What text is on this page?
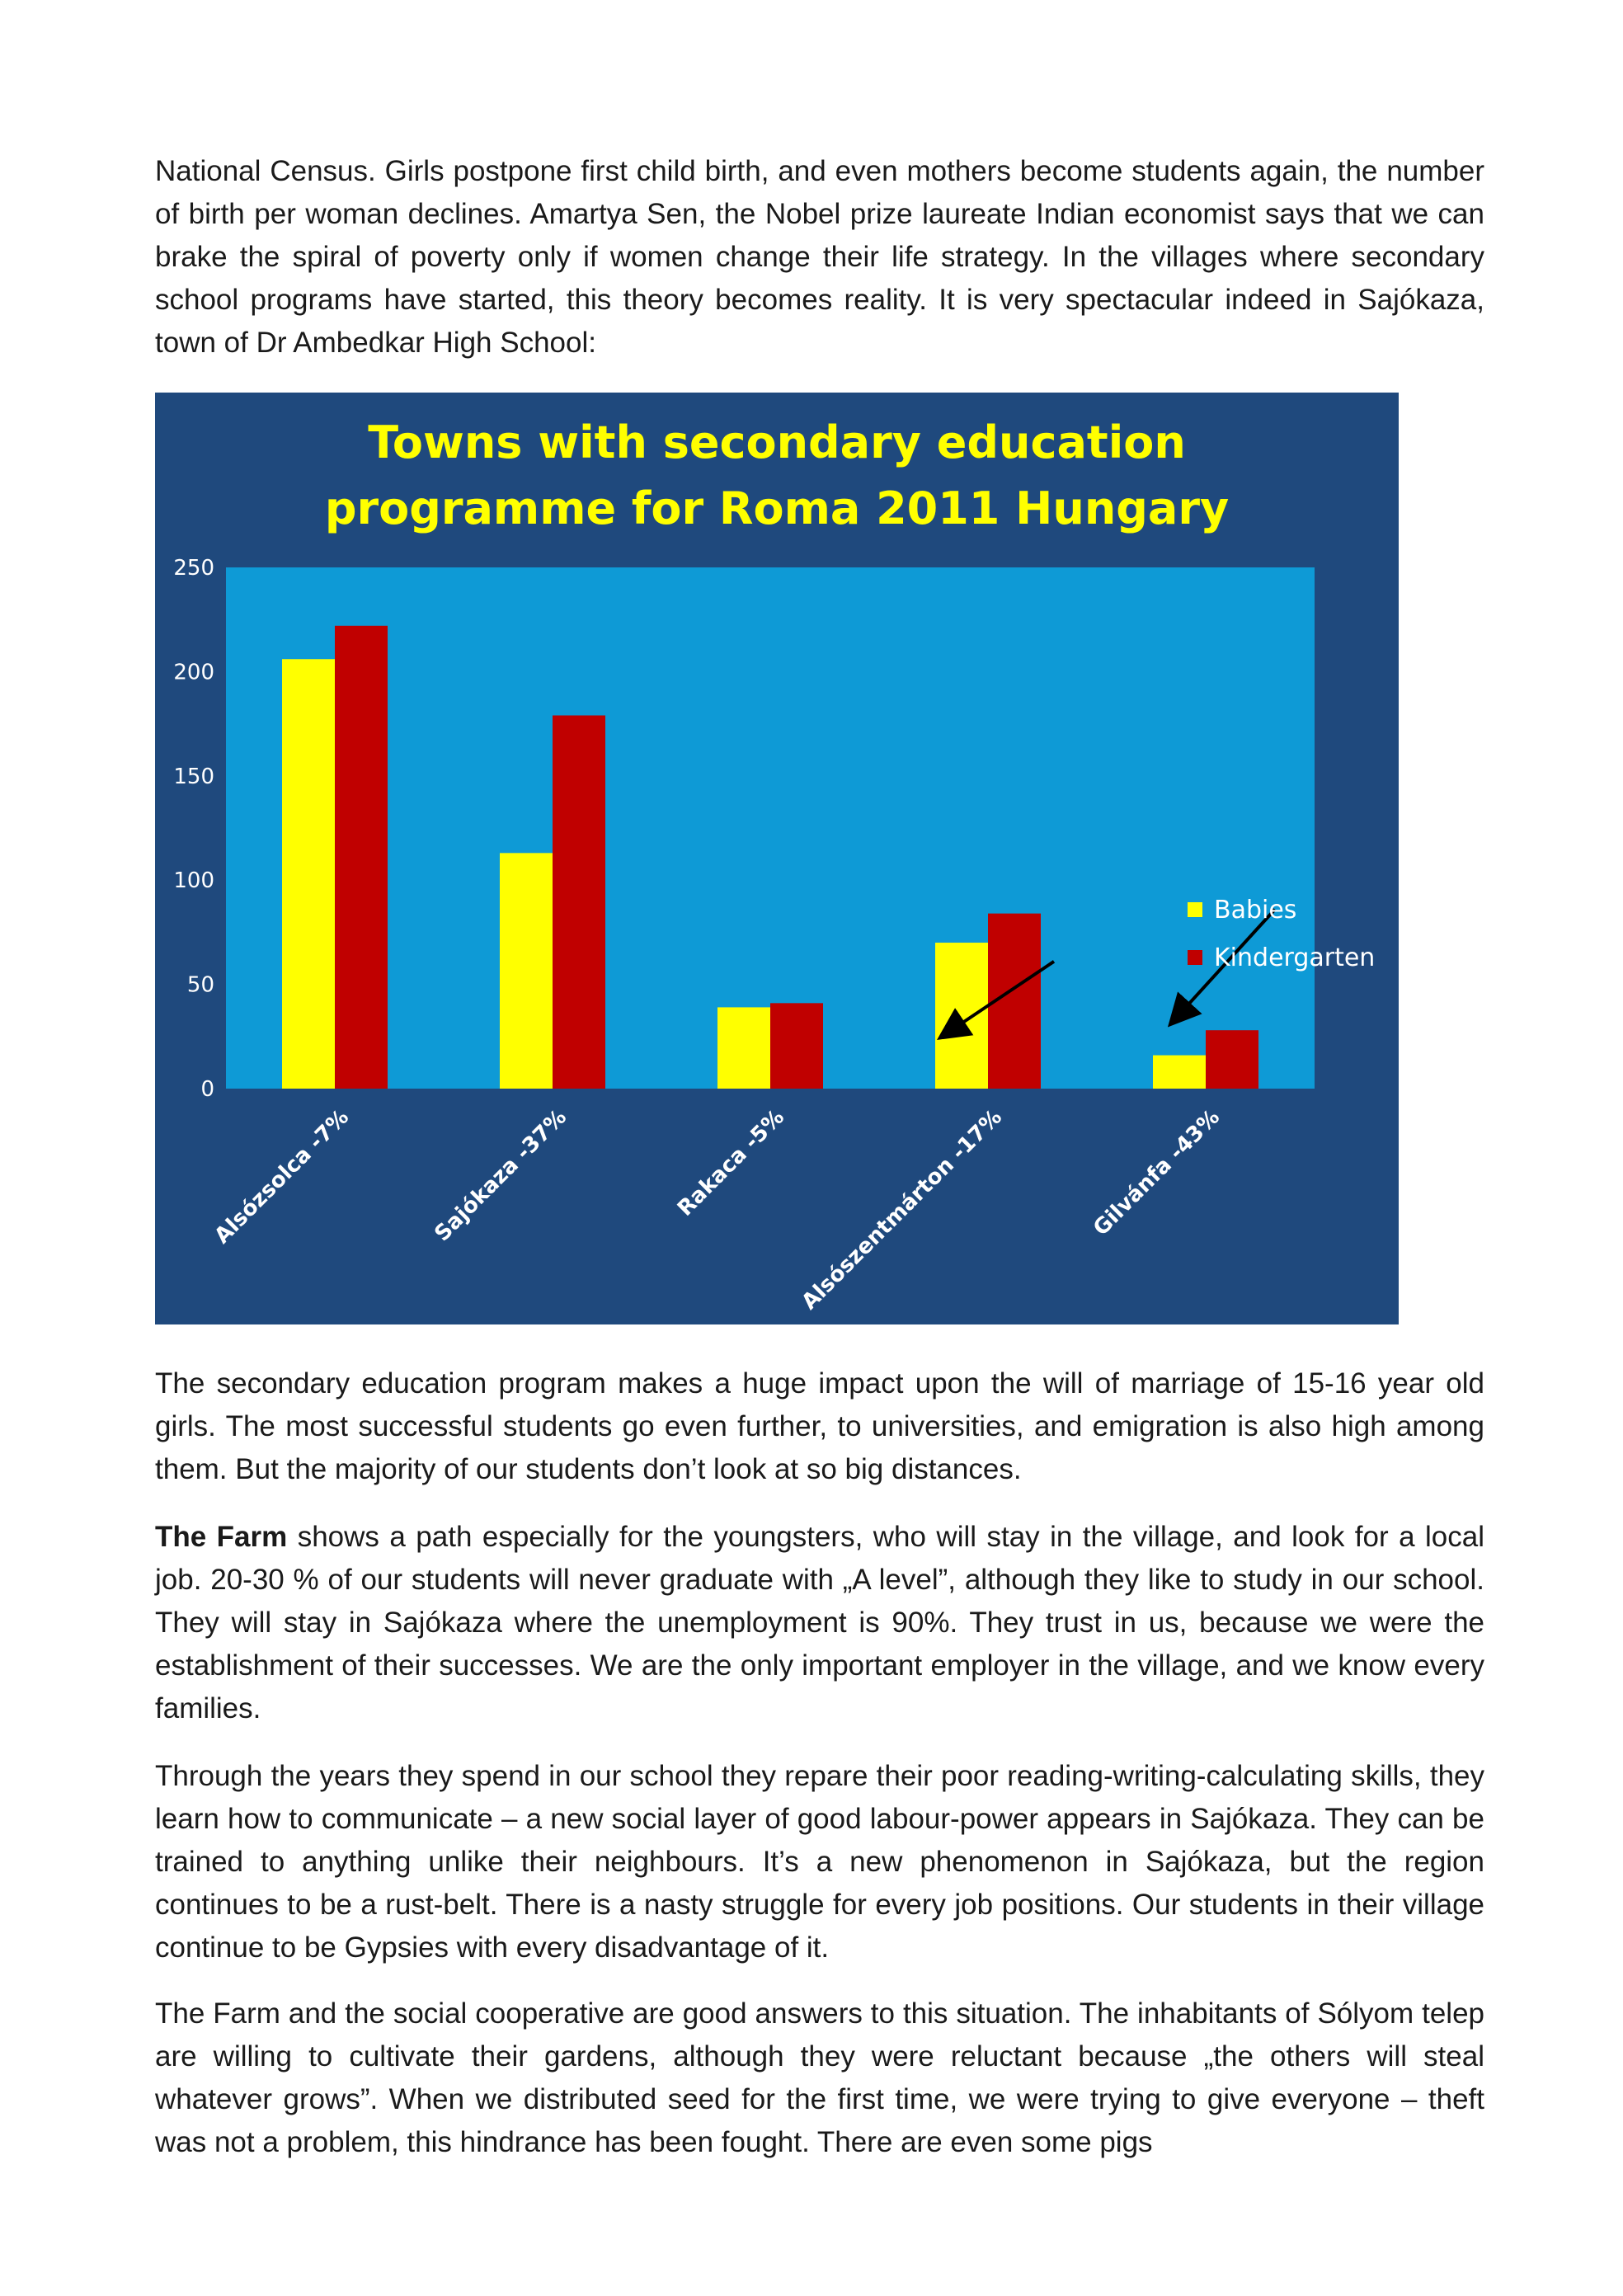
National Census. Girls postpone first child birth, and even mothers become students again, the number of birth per woman declines. Amartya Sen, the Nobel prize laureate Indian economist says that we can brake the spiral of poverty only if women change their life strategy. In the villages where secondary school programs have started, this theory becomes reality. It is very spectacular indeed in Sajókaza, town of Dr Ambedkar High School:

0
50
100
150
200
250
Alsózsolca -7%	Sajókaza -37%	Rakaca -5% Alsószentmárton -17%	Gilvánfa -43%
Towns with secondary education
programme for Roma 2011 Hungary
Babies
Kindergarten

The secondary education program makes a huge impact upon the will of marriage of 15-16 year old girls. The most successful students go even further, to universities, and emigration is also high among them. But the majority of our students don’t look at so big distances.

The Farm shows a path especially for the youngsters, who will stay in the village, and look for a local job. 20-30 % of our students will never graduate with „A level”, although they like to study in our school. They will stay in Sajókaza where the unemployment is 90%. They trust in us, because we were the establishment of their successes. We are the only important employer in the village, and we know every families.

Through the years they spend in our school they repare their poor reading-writing-calculating skills, they learn how to communicate – a new social layer of good labour-power appears in Sajókaza. They can be trained to anything unlike their neighbours. It’s a new phenomenon in Sajókaza, but the region continues to be a rust-belt. There is a nasty struggle for every job positions. Our students in their village continue to be Gypsies with every disadvantage of it.

The Farm and the social cooperative are good answers to this situation. The inhabitants of Sólyom telep are willing to cultivate their gardens, although they were reluctant because „the others will steal whatever grows”. When we distributed seed for the first time, we were trying to give everyone – theft was not a problem, this hindrance has been fought. There are even some pigs
